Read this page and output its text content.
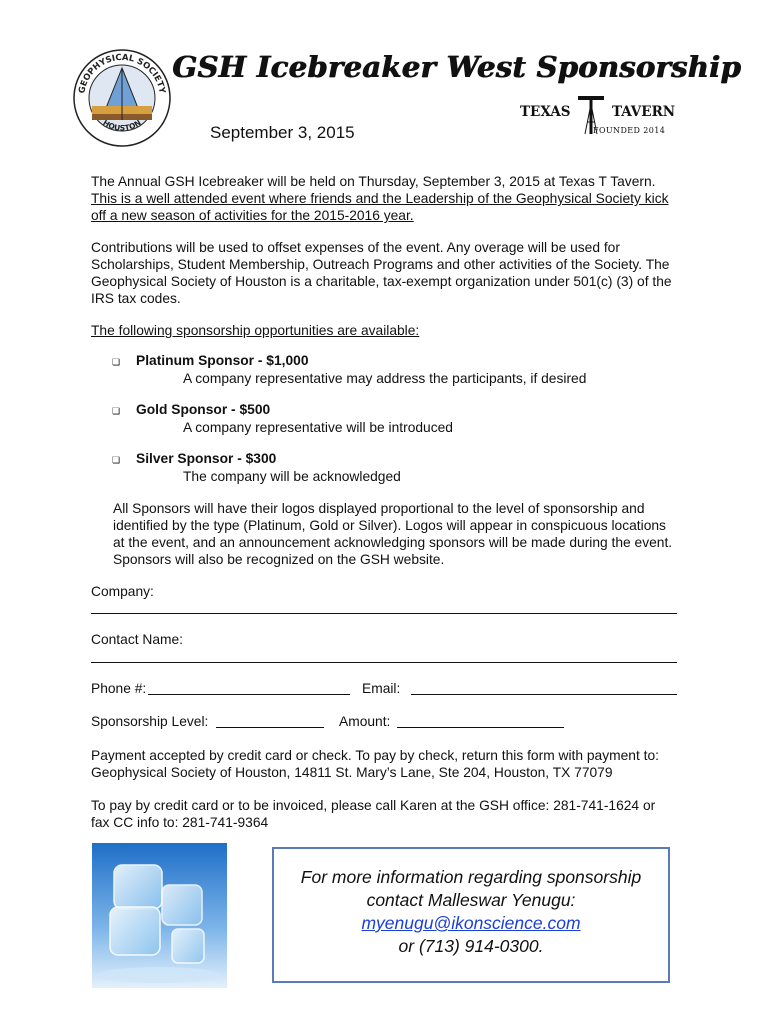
GEOPHYSICAL SOCIETY
HOUSTON
GSH Icebreaker West Sponsorship
September 3, 2015
TEXAS	TAVERN
FOUNDED 2014
The Annual GSH Icebreaker will be held on Thursday, September 3, 2015 at Texas T Tavern.
This is a well attended event where friends and the Leadership of the Geophysical Society kick
off a new season of activities for the 2015-2016 year.
Contributions will be used to offset expenses of the event. Any overage will be used for
Scholarships, Student Membership, Outreach Programs and other activities of the Society. The
Geophysical Society of Houston is a charitable, tax-exempt organization under 501(c) (3) of the
IRS tax codes.
The following sponsorship opportunities are available:
❏ Platinum Sponsor - $1,000
A company representative may address the participants, if desired
❏ Gold Sponsor - $500
A company representative will be introduced
❏ Silver Sponsor - $300
The company will be acknowledged
All Sponsors will have their logos displayed proportional to the level of sponsorship and
identified by the type (Platinum, Gold or Silver). Logos will appear in conspicuous locations
at the event, and an announcement acknowledging sponsors will be made during the event.
Sponsors will also be recognized on the GSH website.
Company:
Contact Name:
Phone #:	Email:
Sponsorship Level:	Amount:
Payment accepted by credit card or check. To pay by check, return this form with payment to:
Geophysical Society of Houston, 14811 St. Mary’s Lane, Ste 204, Houston, TX 77079
To pay by credit card or to be invoiced, please call Karen at the GSH office: 281-741-1624 or
fax CC info to: 281-741-9364
For more information regarding sponsorship
contact Malleswar Yenugu:
myenugu@ikonscience.com
or (713) 914-0300.
